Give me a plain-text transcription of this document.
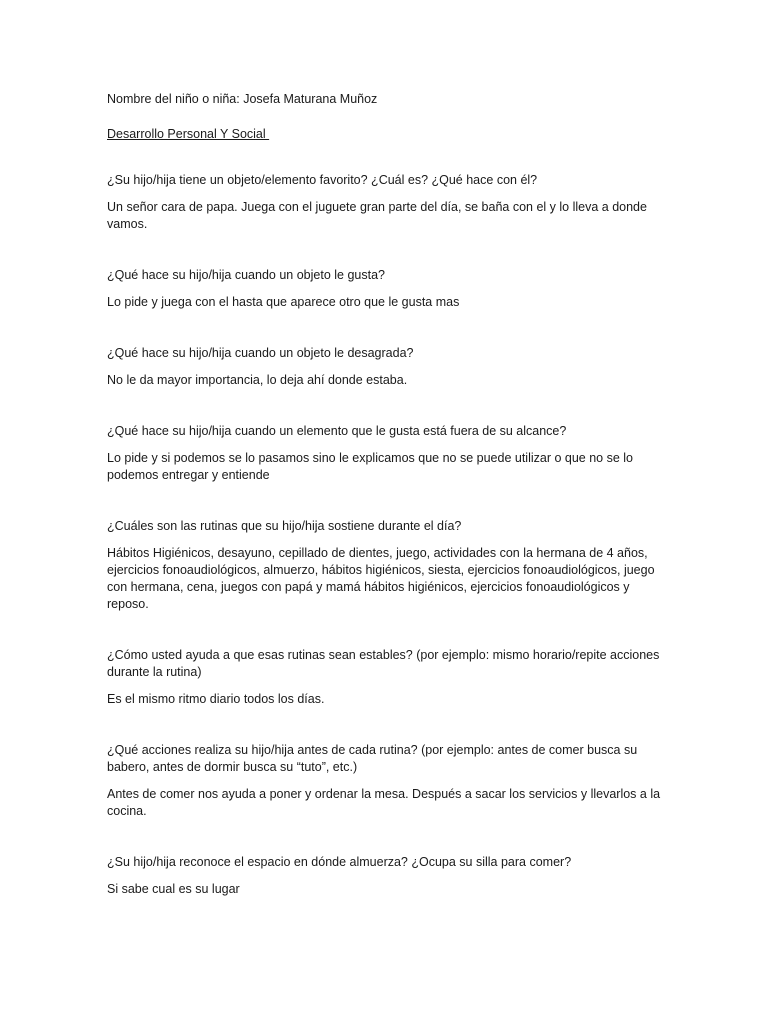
Nombre del niño o niña: Josefa Maturana Muñoz

Desarrollo Personal Y Social

¿Su hijo/hija tiene un objeto/elemento favorito? ¿Cuál es? ¿Qué hace con él?

Un señor cara de papa. Juega con el juguete gran parte del día, se baña con el y lo lleva a donde vamos.

¿Qué hace su hijo/hija cuando un objeto le gusta?

Lo pide y juega con el hasta que aparece otro que le gusta mas

¿Qué hace su hijo/hija cuando un objeto le desagrada?

No le da mayor importancia, lo deja ahí donde estaba.

¿Qué hace su hijo/hija cuando un elemento que le gusta está fuera de su alcance?

Lo pide y si podemos se lo pasamos sino le explicamos que no se puede utilizar o que no se lo podemos entregar y entiende

¿Cuáles son las rutinas que su hijo/hija sostiene durante el día?

Hábitos Higiénicos, desayuno, cepillado de dientes, juego, actividades con la hermana de 4 años, ejercicios fonoaudiológicos, almuerzo, hábitos higiénicos, siesta, ejercicios fonoaudiológicos, juego con hermana, cena, juegos con papá y mamá hábitos higiénicos, ejercicios fonoaudiológicos y reposo.

¿Cómo usted ayuda a que esas rutinas sean estables? (por ejemplo: mismo horario/repite acciones durante la rutina)

Es el mismo ritmo diario todos los días.

¿Qué acciones realiza su hijo/hija antes de cada rutina? (por ejemplo: antes de comer busca su babero, antes de dormir busca su “tuto”, etc.)

Antes de comer nos ayuda a poner y ordenar la mesa. Después a sacar los servicios y llevarlos a la cocina.

¿Su hijo/hija reconoce el espacio en dónde almuerza? ¿Ocupa su silla para comer?

Si sabe cual es su lugar
